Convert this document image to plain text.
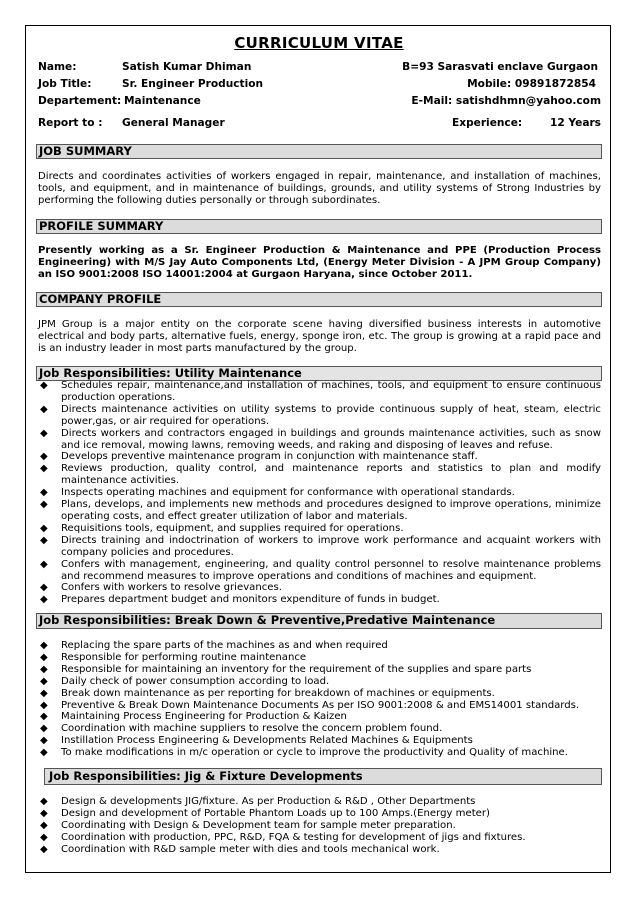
CURRICULUM VITAE
Name:	Satish Kumar Dhiman	B=93 Sarasvati enclave Gurgaon
Job Title:	Sr. Engineer Production	Mobile: 09891872854
Departement: Maintenance	E-Mail: satishdhmn@yahoo.com
Report to : General Manager	Experience:	12 Years
JOB SUMMARY
Directs and coordinates activities of workers engaged in repair, maintenance, and installation of machines, tools, and equipment, and in maintenance of buildings, grounds, and utility systems of Strong Industries by performing the following duties personally or through subordinates.
PROFILE SUMMARY
Presently working as a Sr. Engineer Production & Maintenance and PPE (Production Process Engineering) with M/S Jay Auto Components Ltd, (Energy Meter Division - A JPM Group Company) an ISO 9001:2008 ISO 14001:2004 at Gurgaon Haryana, since October 2011.
COMPANY PROFILE
JPM Group is a major entity on the corporate scene having diversified business interests in automotive electrical and body parts, alternative fuels, energy, sponge iron, etc. The group is growing at a rapid pace and is an industry leader in most parts manufactured by the group.
Job Responsibilities: Utility Maintenance
◆ Schedules repair, maintenance,and installation of machines, tools, and equipment to ensure continuous production operations.
◆ Directs maintenance activities on utility systems to provide continuous supply of heat, steam, electric power,gas, or air required for operations.
◆ Directs workers and contractors engaged in buildings and grounds maintenance activities, such as snow and ice removal, mowing lawns, removing weeds, and raking and disposing of leaves and refuse.
◆ Develops preventive maintenance program in conjunction with maintenance staff.
◆ Reviews production, quality control, and maintenance reports and statistics to plan and modify maintenance activities.
◆ Inspects operating machines and equipment for conformance with operational standards.
◆ Plans, develops, and implements new methods and procedures designed to improve operations, minimize operating costs, and effect greater utilization of labor and materials.
◆ Requisitions tools, equipment, and supplies required for operations.
◆ Directs training and indoctrination of workers to improve work performance and acquaint workers with company policies and procedures.
◆ Confers with management, engineering, and quality control personnel to resolve maintenance problems and recommend measures to improve operations and conditions of machines and equipment.
◆ Confers with workers to resolve grievances.
◆ Prepares department budget and monitors expenditure of funds in budget.
Job Responsibilities: Break Down & Preventive,Predative Maintenance
◆ Replacing the spare parts of the machines as and when required
◆ Responsible for performing routine maintenance
◆ Responsible for maintaining an inventory for the requirement of the supplies and spare parts
◆ Daily check of power consumption according to load.
◆ Break down maintenance as per reporting for breakdown of machines or equipments.
◆ Preventive & Break Down Maintenance Documents As per ISO 9001:2008 & and EMS14001 standards.
◆ Maintaining Process Engineering for Production & Kaizen
◆ Coordination with machine suppliers to resolve the concern problem found.
◆ Instillation Process Engineering & Developments Related Machines & Equipments
◆ To make modifications in m/c operation or cycle to improve the productivity and Quality of machine.
Job Responsibilities: Jig & Fixture Developments
◆ Design & developments JIG/fixture. As per Production & R&D , Other Departments
◆ Design and development of Portable Phantom Loads up to 100 Amps.(Energy meter)
◆ Coordinating with Design & Development team for sample meter preparation.
◆ Coordination with production, PPC, R&D, FQA & testing for development of jigs and fixtures.
◆ Coordination with R&D sample meter with dies and tools mechanical work.
